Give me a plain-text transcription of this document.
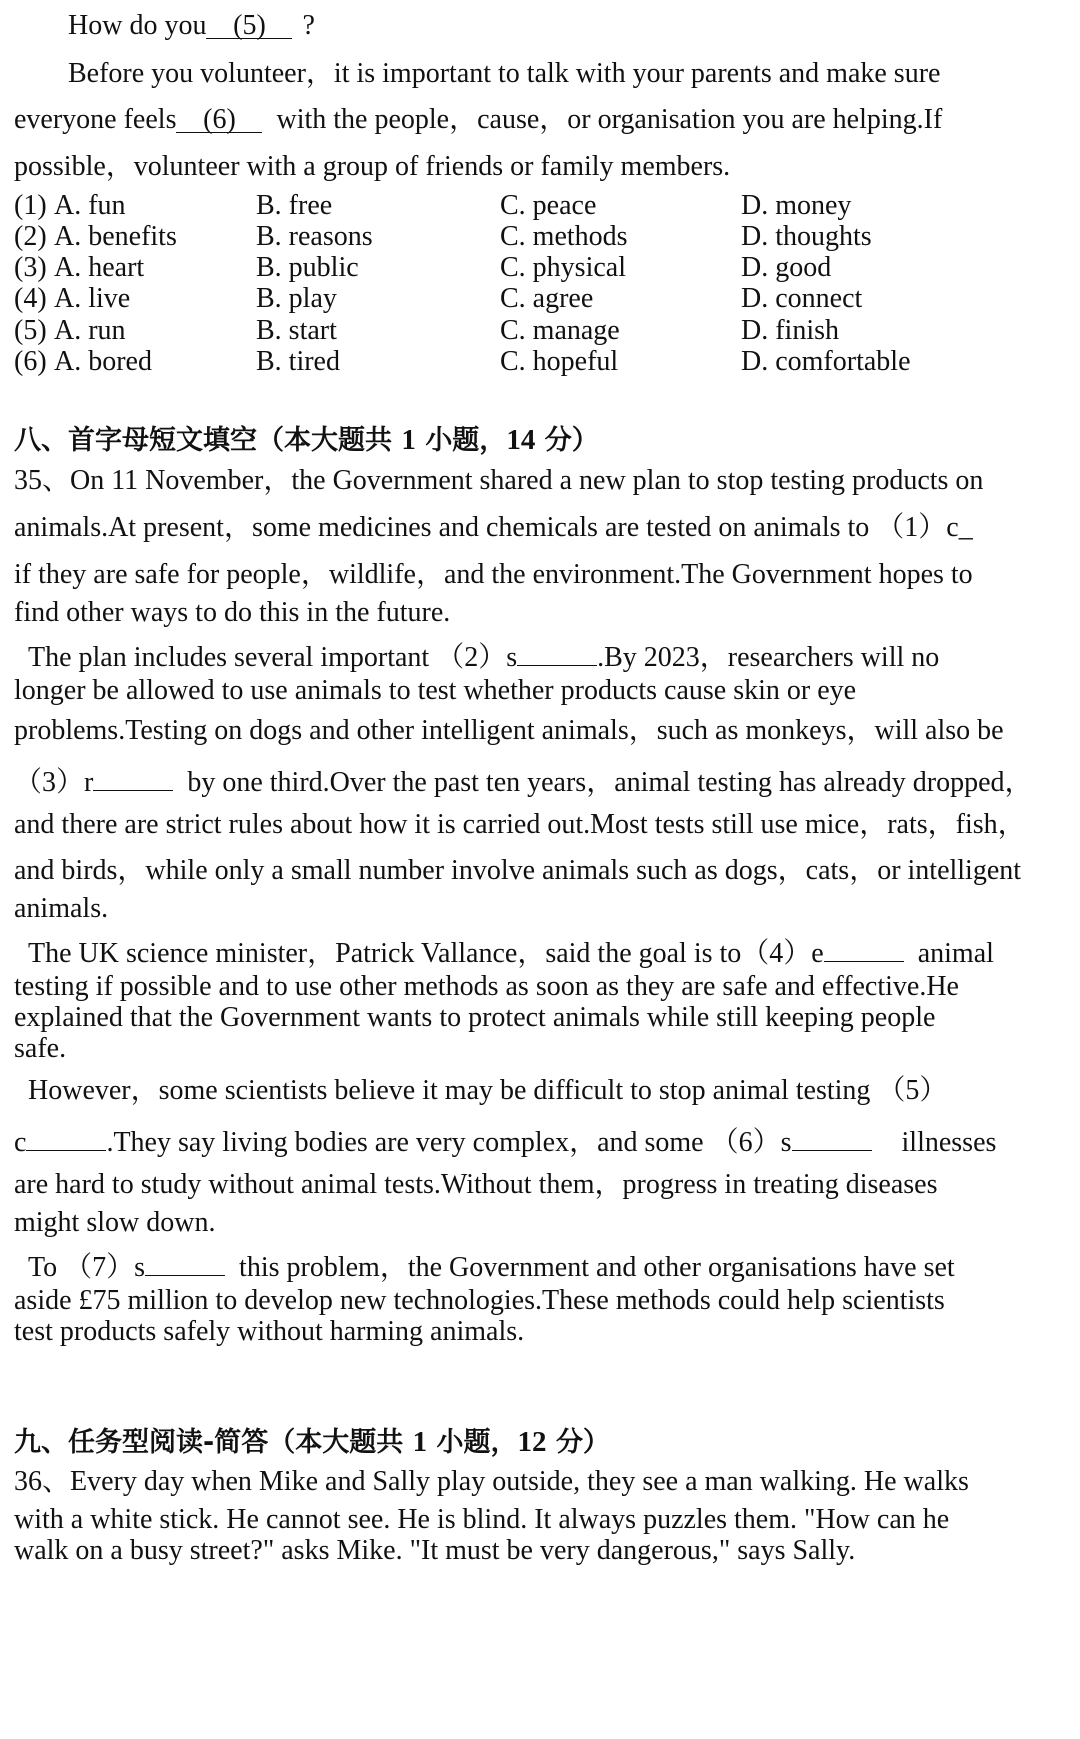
How do you (5) ?
Before you volunteer，it is important to talk with your parents and make sure
everyone feels (6) with the people，cause，or organisation you are helping.If
possible，volunteer with a group of friends or family members.
(1) A. fun	B. free	C. peace	D. money
(2) A. benefits	B. reasons	C. methods	D. thoughts
(3) A. heart	B. public	C. physical	D. good
(4) A. live	B. play	C. agree	D. connect
(5) A. run	B. start	C. manage	D. finish
(6) A. bored	B. tired	C. hopeful	D. comfortable
八、首字母短文填空（本大题共 1 小题，14 分）
35、On 11 November，the Government shared a new plan to stop testing products on
animals.At present，some medicines and chemicals are tested on animals to （1）c_
if they are safe for people，wildlife，and the environment.The Government hopes to
find other ways to do this in the future.
The plan includes several important （2）s	.By 2023，researchers will no
longer be allowed to use animals to test whether products cause skin or eye
problems.Testing on dogs and other intelligent animals，such as monkeys，will also be
（3）r	by one third.Over the past ten years，animal testing has already dropped，
and there are strict rules about how it is carried out.Most tests still use mice，rats，fish，
and birds，while only a small number involve animals such as dogs，cats，or intelligent
animals.
The UK science minister，Patrick Vallance，said the goal is to（4）e	animal
testing if possible and to use other methods as soon as they are safe and effective.He
explained that the Government wants to protect animals while still keeping people
safe.
However，some scientists believe it may be difficult to stop animal testing （5）
c	.They say living bodies are very complex，and some （6）s	illnesses
are hard to study without animal tests.Without them，progress in treating diseases
might slow down.
To （7）s	this problem，the Government and other organisations have set
aside £75 million to develop new technologies.These methods could help scientists
test products safely without harming animals.
九、任务型阅读-简答（本大题共 1 小题，12 分）
36、Every day when Mike and Sally play outside, they see a man walking. He walks
with a white stick. He cannot see. He is blind. It always puzzles them. "How can he
walk on a busy street?" asks Mike. "It must be very dangerous," says Sally.
